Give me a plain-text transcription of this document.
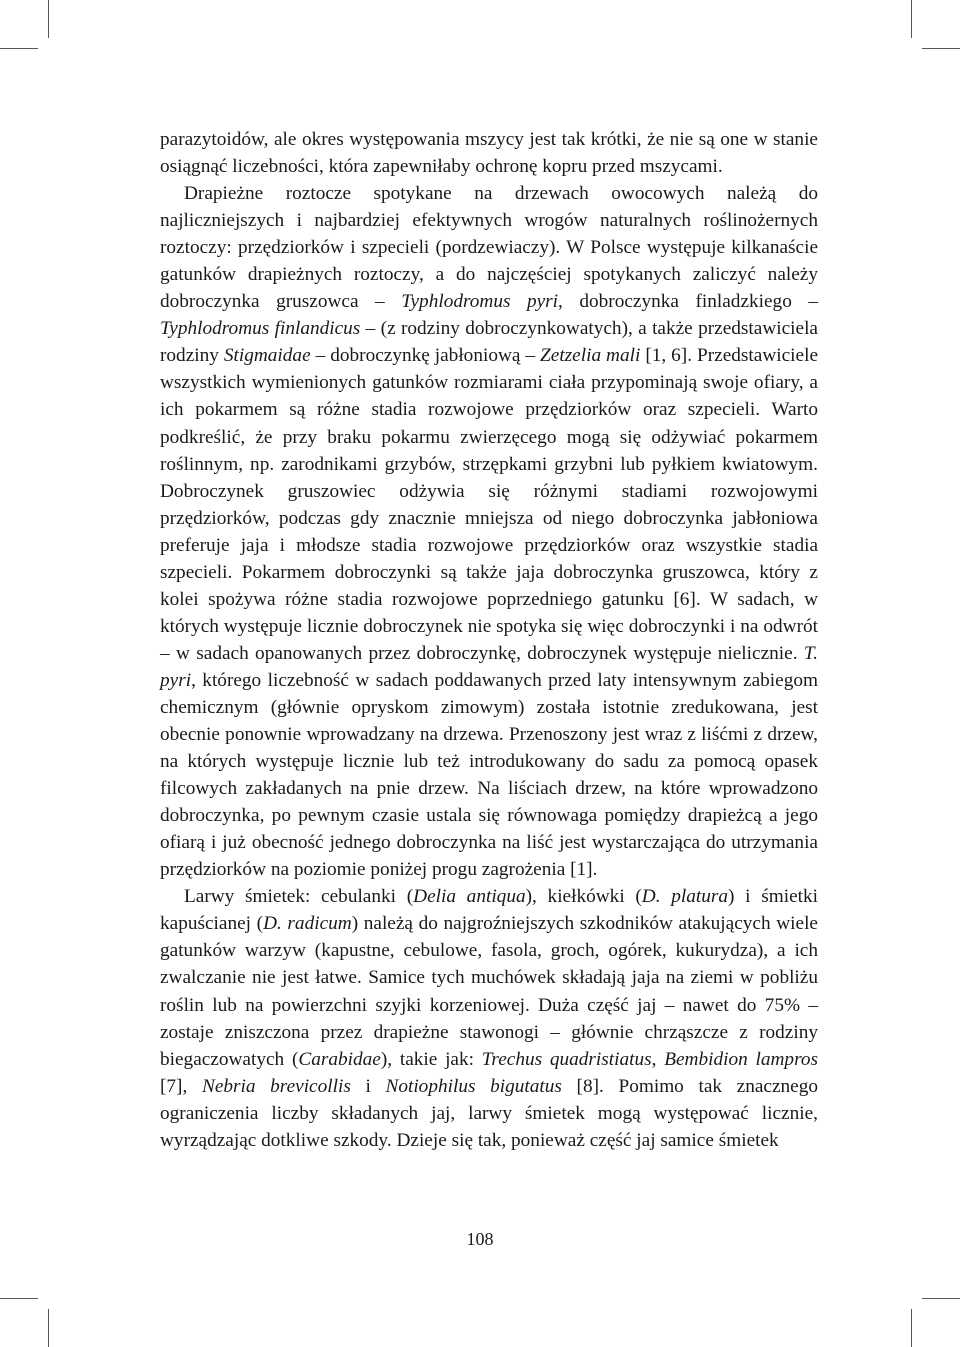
parazytoidów, ale okres występowania mszycy jest tak krótki, że nie są one w stanie osiągnąć liczebności, która zapewniłaby ochronę kopru przed mszycami.

Drapieżne roztocze spotykane na drzewach owocowych należą do najliczniejszych i najbardziej efektywnych wrogów naturalnych roślinożernych roztoczy: przędziorków i szpecieli (pordzewiaczy). W Polsce występuje kilkanaście gatunków drapieżnych roztoczy, a do najczęściej spotykanych zaliczyć należy dobroczynka gruszowca – Typhlodromus pyri, dobroczynka finladzkiego – Typhlodromus finlandicus – (z rodziny dobroczynkowatych), a także przedstawiciela rodziny Stigmaidae – dobroczynkę jabłoniową – Zetzelia mali [1, 6]. Przedstawiciele wszystkich wymienionych gatunków rozmiarami ciała przypominają swoje ofiary, a ich pokarmem są różne stadia rozwojowe przędziorków oraz szpecieli. Warto podkreślić, że przy braku pokarmu zwierzęcego mogą się odżywiać pokarmem roślinnym, np. zarodnikami grzybów, strzępkami grzybni lub pyłkiem kwiatowym. Dobroczynek gruszowiec odżywia się różnymi stadiami rozwojowymi przędziorków, podczas gdy znacznie mniejsza od niego dobroczynka jabłoniowa preferuje jaja i młodsze stadia rozwojowe przędziorków oraz wszystkie stadia szpecieli. Pokarmem dobroczynki są także jaja dobroczynka gruszowca, który z kolei spożywa różne stadia rozwojowe poprzedniego gatunku [6]. W sadach, w których występuje licznie dobroczynek nie spotyka się więc dobroczynki i na odwrót – w sadach opanowanych przez dobroczynkę, dobroczynek występuje nielicznie. T. pyri, którego liczebność w sadach poddawanych przed laty intensywnym zabiegom chemicznym (głównie opryskom zimowym) została istotnie zredukowana, jest obecnie ponownie wprowadzany na drzewa. Przenoszony jest wraz z liśćmi z drzew, na których występuje licznie lub też introdukowany do sadu za pomocą opasek filcowych zakładanych na pnie drzew. Na liściach drzew, na które wprowadzono dobroczynka, po pewnym czasie ustala się równowaga pomiędzy drapieżcą a jego ofiarą i już obecność jednego dobroczynka na liść jest wystarczająca do utrzymania przędziorków na poziomie poniżej progu zagrożenia [1].

Larwy śmietek: cebulanki (Delia antiqua), kiełkówki (D. platura) i śmietki kapuścianej (D. radicum) należą do najgroźniejszych szkodników atakujących wiele gatunków warzyw (kapustne, cebulowe, fasola, groch, ogórek, kukurydza), a ich zwalczanie nie jest łatwe. Samice tych muchówek składają jaja na ziemi w pobliżu roślin lub na powierzchni szyjki korzeniowej. Duża część jaj – nawet do 75% – zostaje zniszczona przez drapieżne stawonogi – głównie chrząszcze z rodziny biegaczowatych (Carabidae), takie jak: Trechus quadristiatus, Bembidion lampros [7], Nebria brevicollis i Notiophilus bigutatus [8]. Pomimo tak znacznego ograniczenia liczby składanych jaj, larwy śmietek mogą występować licznie, wyrządzając dotkliwe szkody. Dzieje się tak, ponieważ część jaj samice śmietek

108
